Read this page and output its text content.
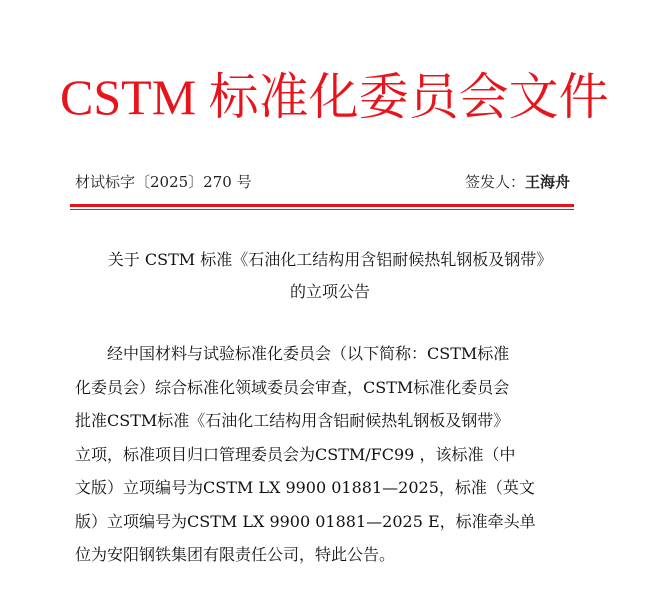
CSTM 标准化委员会文件
材试标字〔2025〕270 号	签发人：王海舟
关于 CSTM 标准《石油化工结构用含铝耐候热轧钢板及钢带》
的立项公告
经中国材料与试验标准化委员会（以下简称：CSTM标准
化委员会）综合标准化领域委员会审查，CSTM标准化委员会
批准CSTM标准《石油化工结构用含铝耐候热轧钢板及钢带》
立项，标准项目归口管理委员会为CSTM/FC99 ，该标准（中
文版）立项编号为CSTM LX 9900 01881—2025，标准（英文
版）立项编号为CSTM LX 9900 01881—2025 E，标准牵头单
位为安阳钢铁集团有限责任公司，特此公告。
